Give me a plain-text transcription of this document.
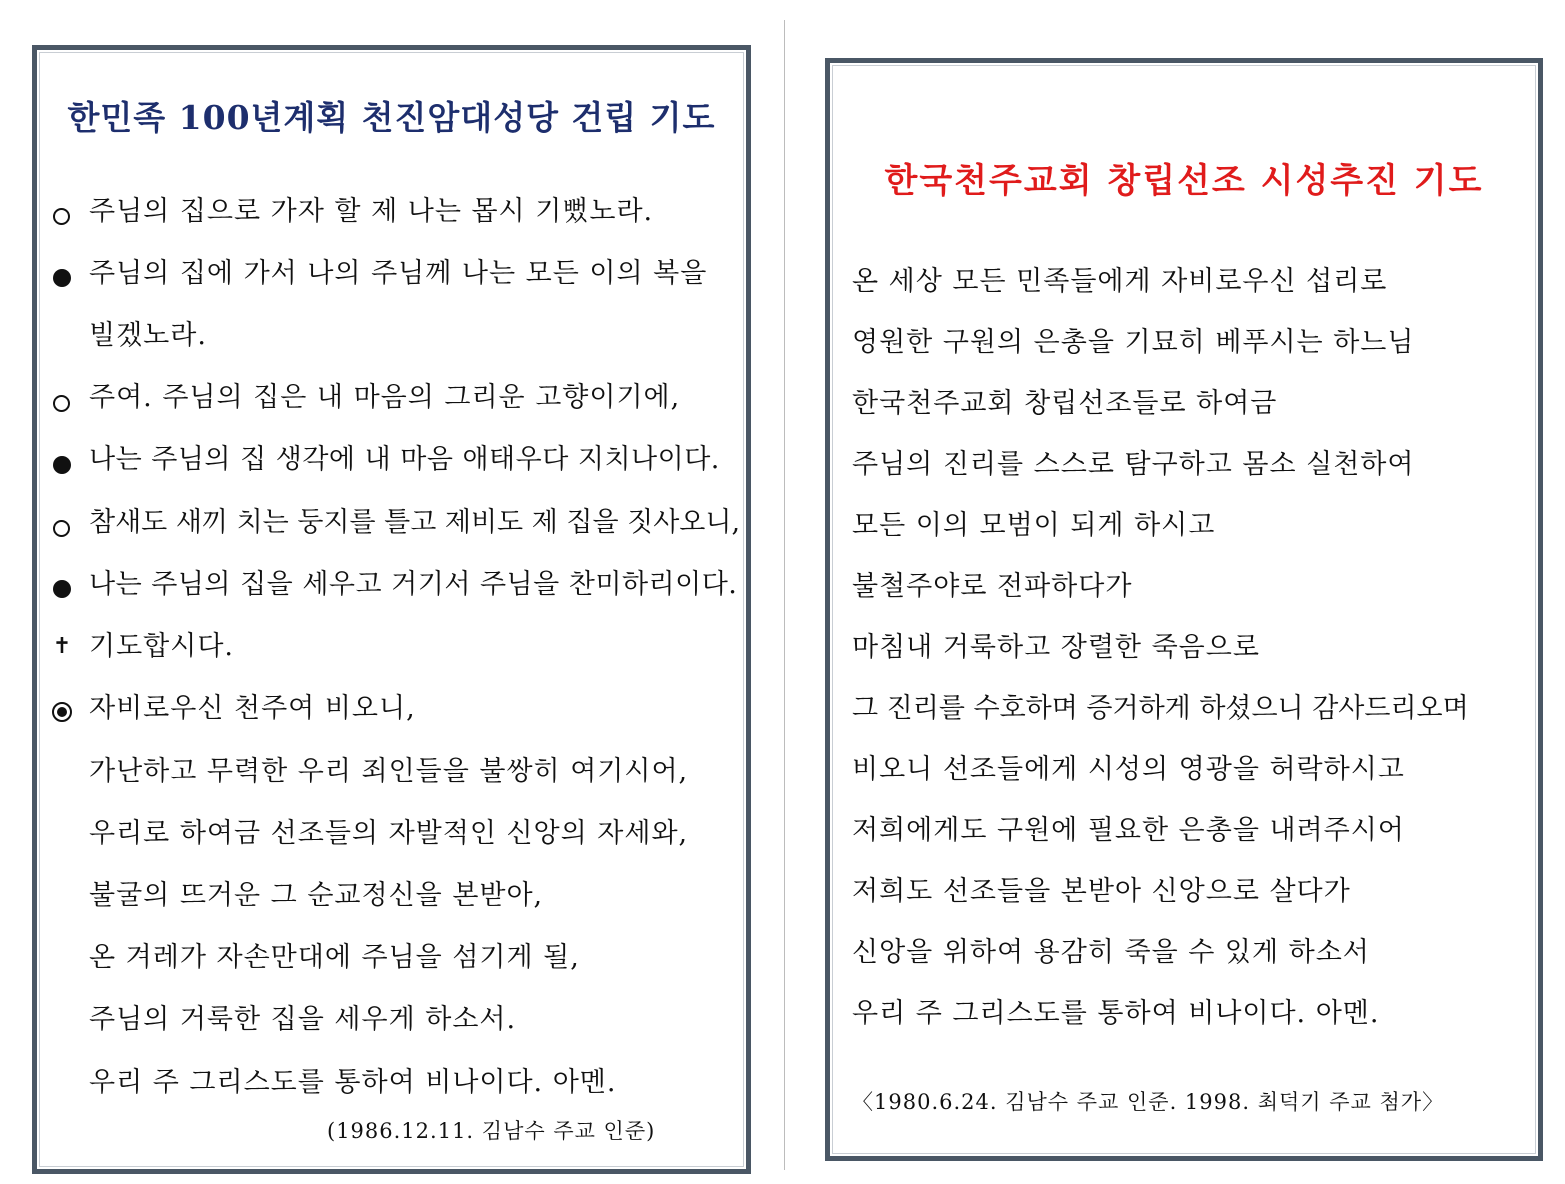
한민족 100년계획 천진암대성당 건립 기도
주님의 집으로 가자 할 제 나는 몹시 기뻤노라.
주님의 집에 가서 나의 주님께 나는 모든 이의 복을
빌겠노라.
주여. 주님의 집은 내 마음의 그리운 고향이기에,
나는 주님의 집 생각에 내 마음 애태우다 지치나이다.
참새도 새끼 치는 둥지를 틀고 제비도 제 집을 짓사오니,
나는 주님의 집을 세우고 거기서 주님을 찬미하리이다.
✝ 기도합시다.
자비로우신 천주여 비오니,
가난하고 무력한 우리 죄인들을 불쌍히 여기시어,
우리로 하여금 선조들의 자발적인 신앙의 자세와,
불굴의 뜨거운 그 순교정신을 본받아,
온 겨레가 자손만대에 주님을 섬기게 될,
주님의 거룩한 집을 세우게 하소서.
우리 주 그리스도를 통하여 비나이다. 아멘.
(1986.12.11. 김남수 주교 인준)
한국천주교회 창립선조 시성추진 기도
온 세상 모든 민족들에게 자비로우신 섭리로
영원한 구원의 은총을 기묘히 베푸시는 하느님
한국천주교회 창립선조들로 하여금
주님의 진리를 스스로 탐구하고 몸소 실천하여
모든 이의 모범이 되게 하시고
불철주야로 전파하다가
마침내 거룩하고 장렬한 죽음으로
그 진리를 수호하며 증거하게 하셨으니 감사드리오며
비오니 선조들에게 시성의 영광을 허락하시고
저희에게도 구원에 필요한 은총을 내려주시어
저희도 선조들을 본받아 신앙으로 살다가
신앙을 위하여 용감히 죽을 수 있게 하소서
우리 주 그리스도를 통하여 비나이다. 아멘.
〈1980.6.24. 김남수 주교 인준. 1998. 최덕기 주교 첨가〉
